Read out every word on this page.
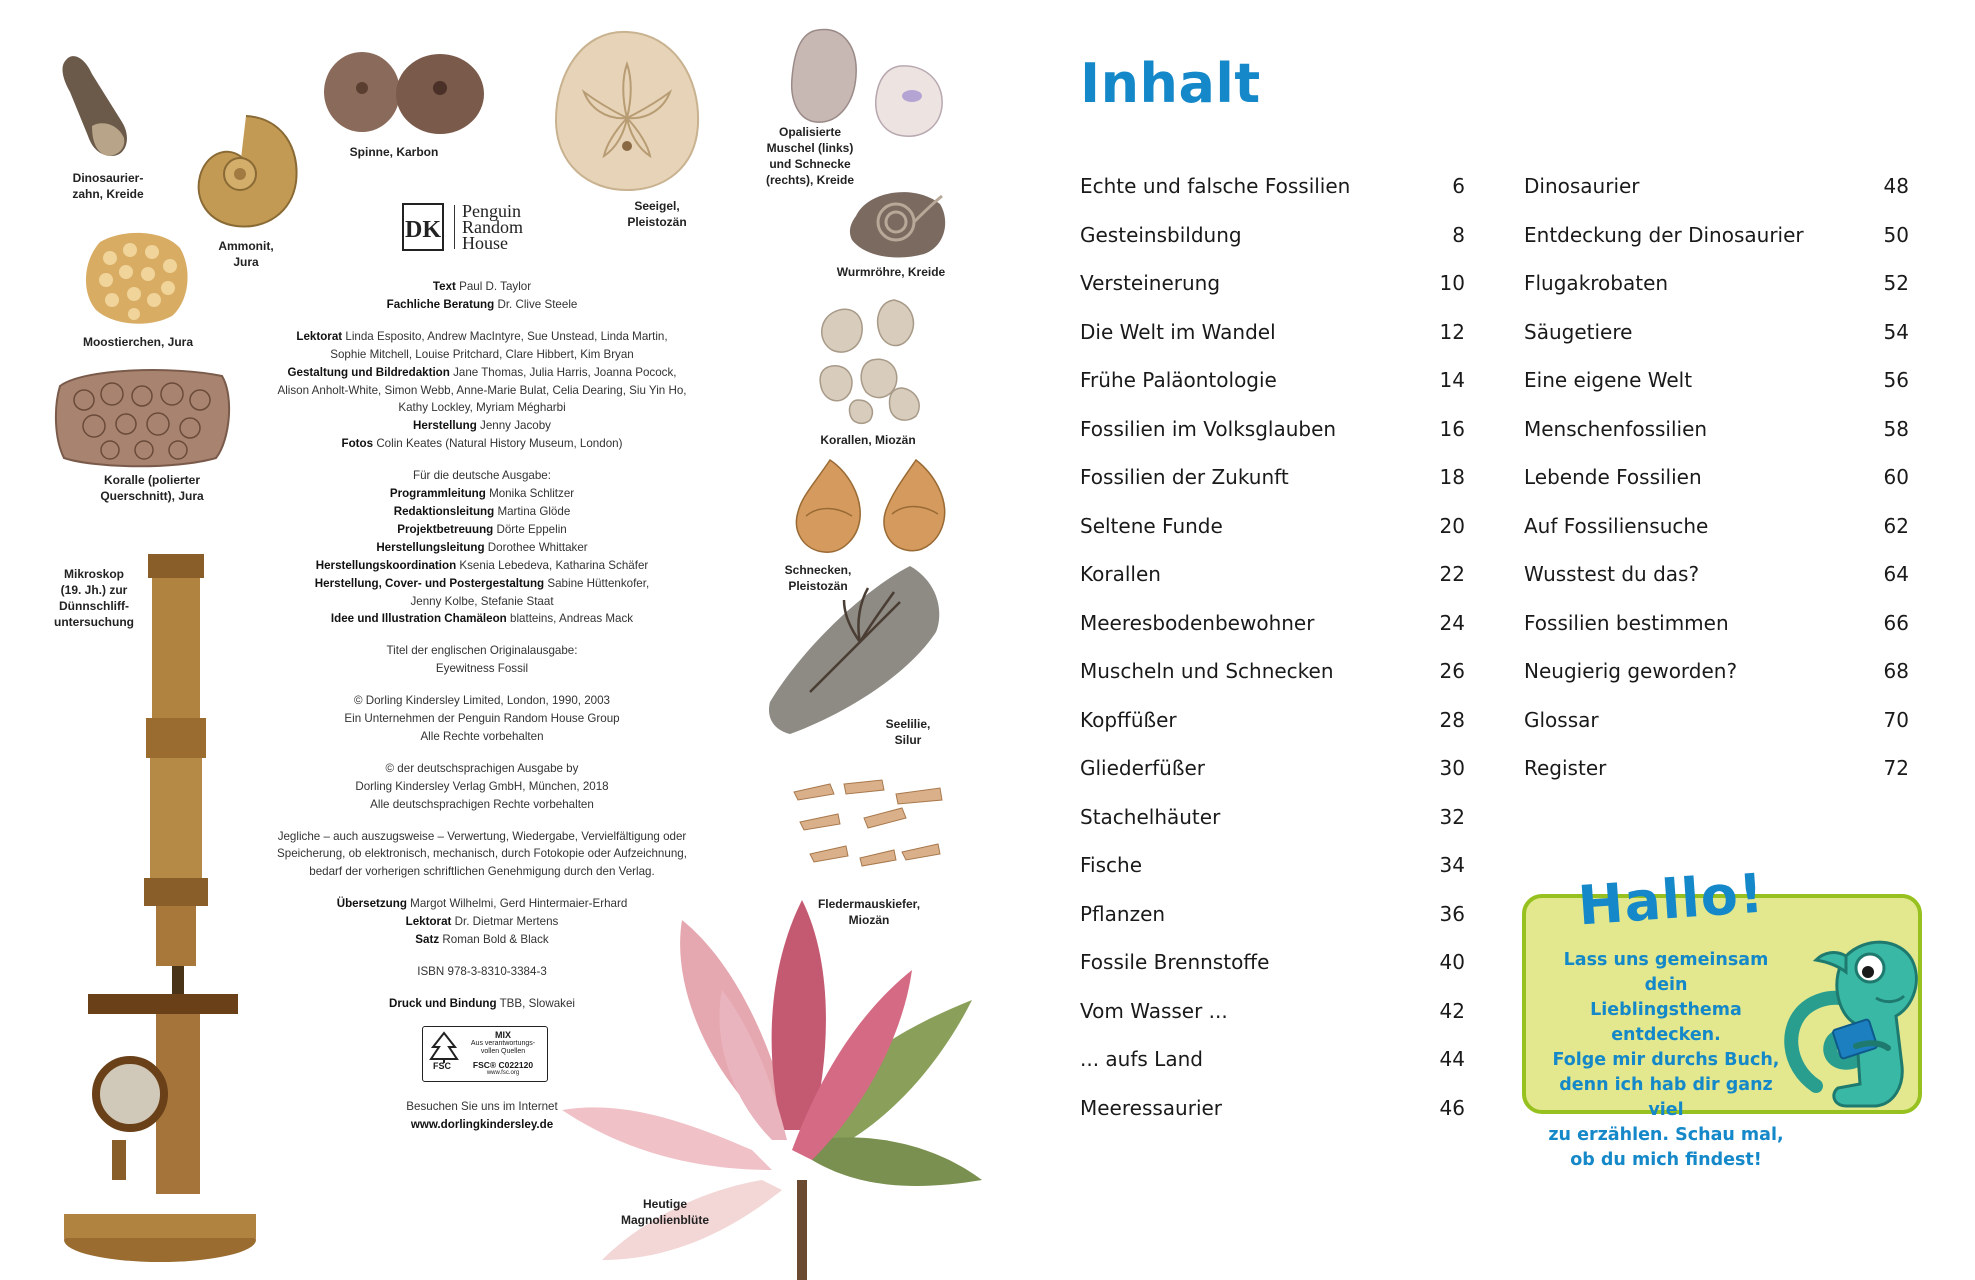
Dinosaurier-
zahn, Kreide
Ammonit,
Jura
Spinne, Karbon
Seeigel,
Pleistozän
Opalisierte
Muschel (links)
und Schnecke
(rechts), Kreide
Wurmröhre, Kreide
Moostierchen, Jura
Koralle (polierter
Querschnitt), Jura
Korallen, Miozän
Mikroskop
(19. Jh.) zur
Dünnschliff-
untersuchung
Schnecken,
Pleistozän
Seelilie,
Silur
Fledermauskiefer,
Miozän
Heutige
Magnolienblüte
DK
Penguin
Random
House
Text Paul D. Taylor
Fachliche Beratung Dr. Clive Steele
Lektorat Linda Esposito, Andrew MacIntyre, Sue Unstead, Linda Martin,
Sophie Mitchell, Louise Pritchard, Clare Hibbert, Kim Bryan
Gestaltung und Bildredaktion Jane Thomas, Julia Harris, Joanna Pocock,
Alison Anholt-White, Simon Webb, Anne-Marie Bulat, Celia Dearing, Siu Yin Ho,
Kathy Lockley, Myriam Mégharbi
Herstellung Jenny Jacoby
Fotos Colin Keates (Natural History Museum, London)
Für die deutsche Ausgabe:
Programmleitung Monika Schlitzer
Redaktionsleitung Martina Glöde
Projektbetreuung Dörte Eppelin
Herstellungsleitung Dorothee Whittaker
Herstellungskoordination Ksenia Lebedeva, Katharina Schäfer
Herstellung, Cover- und Postergestaltung Sabine Hüttenkofer,
Jenny Kolbe, Stefanie Staat
Idee und Illustration Chamäleon blatteins, Andreas Mack
Titel der englischen Originalausgabe:
Eyewitness Fossil
© Dorling Kindersley Limited, London, 1990, 2003
Ein Unternehmen der Penguin Random House Group
Alle Rechte vorbehalten
© der deutschsprachigen Ausgabe by
Dorling Kindersley Verlag GmbH, München, 2018
Alle deutschsprachigen Rechte vorbehalten
Jegliche – auch auszugsweise – Verwertung, Wiedergabe, Vervielfältigung oder
Speicherung, ob elektronisch, mechanisch, durch Fotokopie oder Aufzeichnung,
bedarf der vorherigen schriftlichen Genehmigung durch den Verlag.
Übersetzung Margot Wilhelmi, Gerd Hintermaier-Erhard
Lektorat Dr. Dietmar Mertens
Satz Roman Bold & Black
ISBN 978-3-8310-3384-3
Druck und Bindung TBB, Slowakei
FSC
MIX
Aus verantwortungs-
vollen Quellen
FSC® C022120
www.fsc.org
Besuchen Sie uns im Internet
www.dorlingkindersley.de
Inhalt
Echte und falsche Fossilien	6
Gesteinsbildung	8
Versteinerung	10
Die Welt im Wandel	12
Frühe Paläontologie	14
Fossilien im Volksglauben	16
Fossilien der Zukunft	18
Seltene Funde	20
Korallen	22
Meeresbodenbewohner	24
Muscheln und Schnecken	26
Kopffüßer	28
Gliederfüßer	30
Stachelhäuter	32
Fische	34
Pflanzen	36
Fossile Brennstoffe	40
Vom Wasser ...	42
... aufs Land	44
Meeressaurier	46
Dinosaurier	48
Entdeckung der Dinosaurier	50
Flugakrobaten	52
Säugetiere	54
Eine eigene Welt	56
Menschenfossilien	58
Lebende Fossilien	60
Auf Fossiliensuche	62
Wusstest du das?	64
Fossilien bestimmen	66
Neugierig geworden?	68
Glossar	70
Register	72
Hallo!
Lass uns gemeinsam dein
Lieblingsthema entdecken.
Folge mir durchs Buch,
denn ich hab dir ganz viel
zu erzählen. Schau mal,
ob du mich findest!
